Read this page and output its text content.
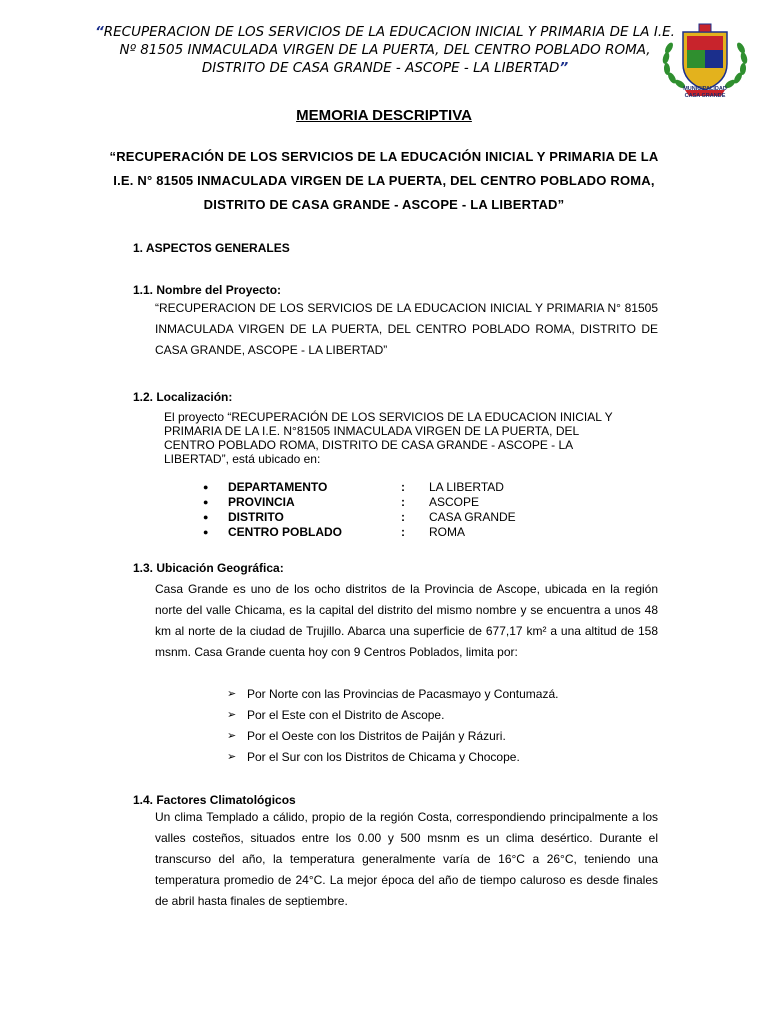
“RECUPERACION DE LOS SERVICIOS DE LA EDUCACION INICIAL Y PRIMARIA DE LA I.E. Nº 81505 INMACULADA VIRGEN DE LA PUERTA, DEL CENTRO POBLADO ROMA, DISTRITO DE CASA GRANDE - ASCOPE - LA LIBERTAD”
MUNICIPALIDAD
CASA GRANDE
MEMORIA DESCRIPTIVA
“RECUPERACIÓN DE LOS SERVICIOS DE LA EDUCACIÓN INICIAL Y PRIMARIA DE LA I.E. N° 81505 INMACULADA VIRGEN DE LA PUERTA, DEL CENTRO POBLADO ROMA, DISTRITO DE CASA GRANDE - ASCOPE - LA LIBERTAD”
1. ASPECTOS GENERALES
1.1. Nombre del Proyecto:
“RECUPERACION DE LOS SERVICIOS DE LA EDUCACION INICIAL Y PRIMARIA N° 81505 INMACULADA VIRGEN DE LA PUERTA, DEL CENTRO POBLADO ROMA, DISTRITO DE CASA GRANDE, ASCOPE - LA LIBERTAD”
1.2. Localización:
El proyecto “RECUPERACIÓN DE LOS SERVICIOS DE LA EDUCACION INICIAL Y PRIMARIA DE LA I.E. N°81505 INMACULADA VIRGEN DE LA PUERTA, DEL CENTRO POBLADO ROMA, DISTRITO DE CASA GRANDE - ASCOPE - LA LIBERTAD”, está ubicado en:
● DEPARTAMENTO	: LA LIBERTAD
● PROVINCIA	: ASCOPE
● DISTRITO	: CASA GRANDE
● CENTRO POBLADO	: ROMA
1.3. Ubicación Geográfica:
Casa Grande es uno de los ocho distritos de la Provincia de Ascope, ubicada en la región norte del valle Chicama, es la capital del distrito del mismo nombre y se encuentra a unos 48 km al norte de la ciudad de Trujillo. Abarca una superficie de 677,17 km² a una altitud de 158 msnm. Casa Grande cuenta hoy con 9 Centros Poblados, limita por:
➢ Por Norte con las Provincias de Pacasmayo y Contumazá.
➢ Por el Este con el Distrito de Ascope.
➢ Por el Oeste con los Distritos de Paiján y Rázuri.
➢ Por el Sur con los Distritos de Chicama y Chocope.
1.4. Factores Climatológicos
Un clima Templado a cálido, propio de la región Costa, correspondiendo principalmente a los valles costeños, situados entre los 0.00 y 500 msnm es un clima desértico. Durante el transcurso del año, la temperatura generalmente varía de 16°C a 26°C, teniendo una temperatura promedio de 24°C. La mejor época del año de tiempo caluroso es desde finales de abril hasta finales de septiembre.
